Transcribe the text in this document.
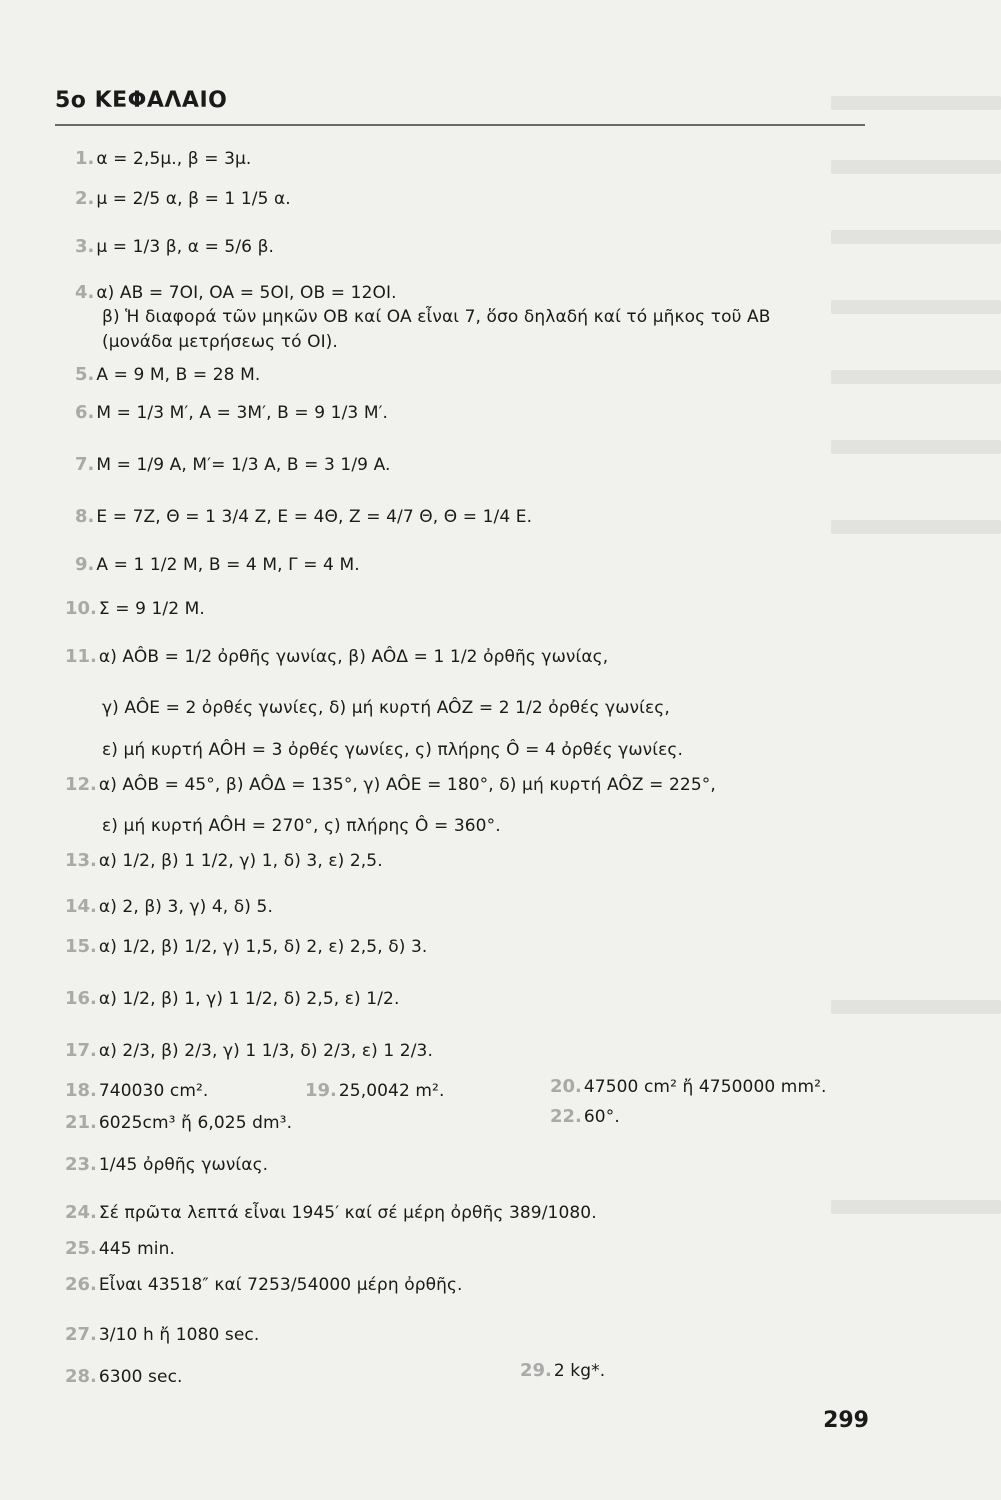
5ο ΚΕΦΑΛΑΙΟ
1. α = 2,5μ., β = 3μ.
2. μ = 2/5 α, β = 1 1/5 α.
3. μ = 1/3 β, α = 5/6 β.
4. α) AB = 7OI, OA = 5OI, OB = 12OI.
β) Ἡ διαφορά τῶν μηκῶν OB καί OA εἶναι 7, ὅσο δηλαδή καί τό μῆκος τοῦ AB
(μονάδα μετρήσεως τό OI).
5. A = 9 M, B = 28 M.
6. M = 1/3 M′, A = 3M′, B = 9 1/3 M′.
7. M = 1/9 A, M′= 1/3 A, B = 3 1/9 A.
8. E = 7Z, Θ = 1 3/4 Z, E = 4Θ, Z = 4/7 Θ, Θ = 1/4 E.
9. A = 1 1/2 M, B = 4 M, Γ = 4 M.
10. Σ = 9 1/2 M.
11. α) AÔB = 1/2 ὀρθῆς γωνίας, β) AÔΔ = 1 1/2 ὀρθῆς γωνίας,
γ) AÔE = 2 ὀρθές γωνίες, δ) μή κυρτή AÔZ = 2 1/2 ὀρθές γωνίες,
ε) μή κυρτή AÔH = 3 ὀρθές γωνίες, ς) πλήρης Ô = 4 ὀρθές γωνίες.
12. α) AÔB = 45°, β) AÔΔ = 135°, γ) AÔE = 180°, δ) μή κυρτή AÔZ = 225°,
ε) μή κυρτή AÔH = 270°, ς) πλήρης Ô = 360°.
13. α) 1/2, β) 1 1/2, γ) 1, δ) 3, ε) 2,5.
14. α) 2, β) 3, γ) 4, δ) 5.
15. α) 1/2, β) 1/2, γ) 1,5, δ) 2, ε) 2,5, δ) 3.
16. α) 1/2, β) 1, γ) 1 1/2, δ) 2,5, ε) 1/2.
17. α) 2/3, β) 2/3, γ) 1 1/3, δ) 2/3, ε) 1 2/3.
18. 740030 cm².	19. 25,0042 m².	20. 47500 cm² ἤ 4750000 mm².
21. 6025cm³ ἤ 6,025 dm³.	22. 60°.
23. 1/45 ὀρθῆς γωνίας.
24. Σέ πρῶτα λεπτά εἶναι 1945′ καί σέ μέρη ὀρθῆς 389/1080.
25. 445 min.
26. Εἶναι 43518″ καί 7253/54000 μέρη ὀρθῆς.
27. 3/10 h ἤ 1080 sec.
28. 6300 sec.	29. 2 kg*.
299
